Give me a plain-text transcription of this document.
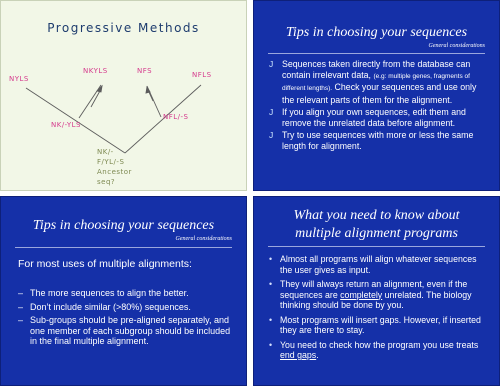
Progressive Methods
NYLS
NKYLS	NFS	NFLS
NK/-YLS
NFL/-S
NK/-
F/YL/-S
Ancestor
seq?
Tips in choosing your sequences
General considerations
J Sequences taken directly from the database can contain irrelevant data, (e.g: multiple genes, fragments of different lengths). Check your sequences and use only the relevant parts of them for the alignment.
J If you align your own sequences, edit them and remove the unrelated data before alignment.
J Try to use sequences with more or less the same length for alignment.
Tips in choosing your sequences
General considerations
For most uses of multiple alignments:
– The more sequences to align the better.
– Don’t include similar (>80%) sequences.
– Sub-groups should be pre-aligned separately, and one member of each subgroup should be included in the final multiple alignment.
What you need to know about
multiple alignment programs
• Almost all programs will align whatever sequences the user gives as input.
• They will always return an alignment, even if the sequences are completely unrelated. The biology thinking should be done by you.
• Most programs will insert gaps. However, if inserted they are there to stay.
• You need to check how the program you use treats end gaps.
